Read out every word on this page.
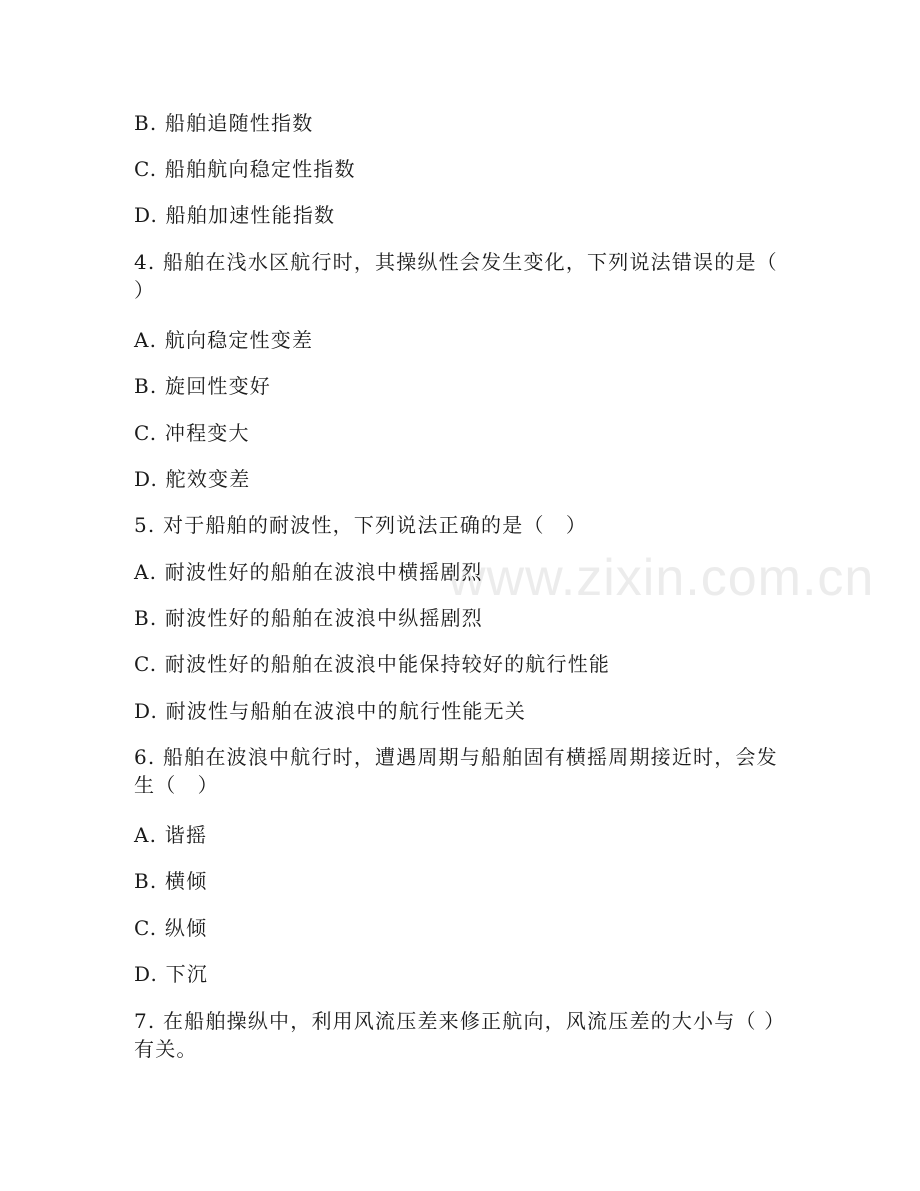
www.zixin.com.cn
B. 船舶追随性指数
C. 船舶航向稳定性指数
D. 船舶加速性能指数
4. 船舶在浅水区航行时，其操纵性会发生变化，下列说法错误的是（ ）
A. 航向稳定性变差
B. 旋回性变好
C. 冲程变大
D. 舵效变差
5. 对于船舶的耐波性，下列说法正确的是（　）
A. 耐波性好的船舶在波浪中横摇剧烈
B. 耐波性好的船舶在波浪中纵摇剧烈
C. 耐波性好的船舶在波浪中能保持较好的航行性能
D. 耐波性与船舶在波浪中的航行性能无关
6. 船舶在波浪中航行时，遭遇周期与船舶固有横摇周期接近时，会发生（　）
A. 谐摇
B. 横倾
C. 纵倾
D. 下沉
7. 在船舶操纵中，利用风流压差来修正航向，风流压差的大小与（ ）有关。
